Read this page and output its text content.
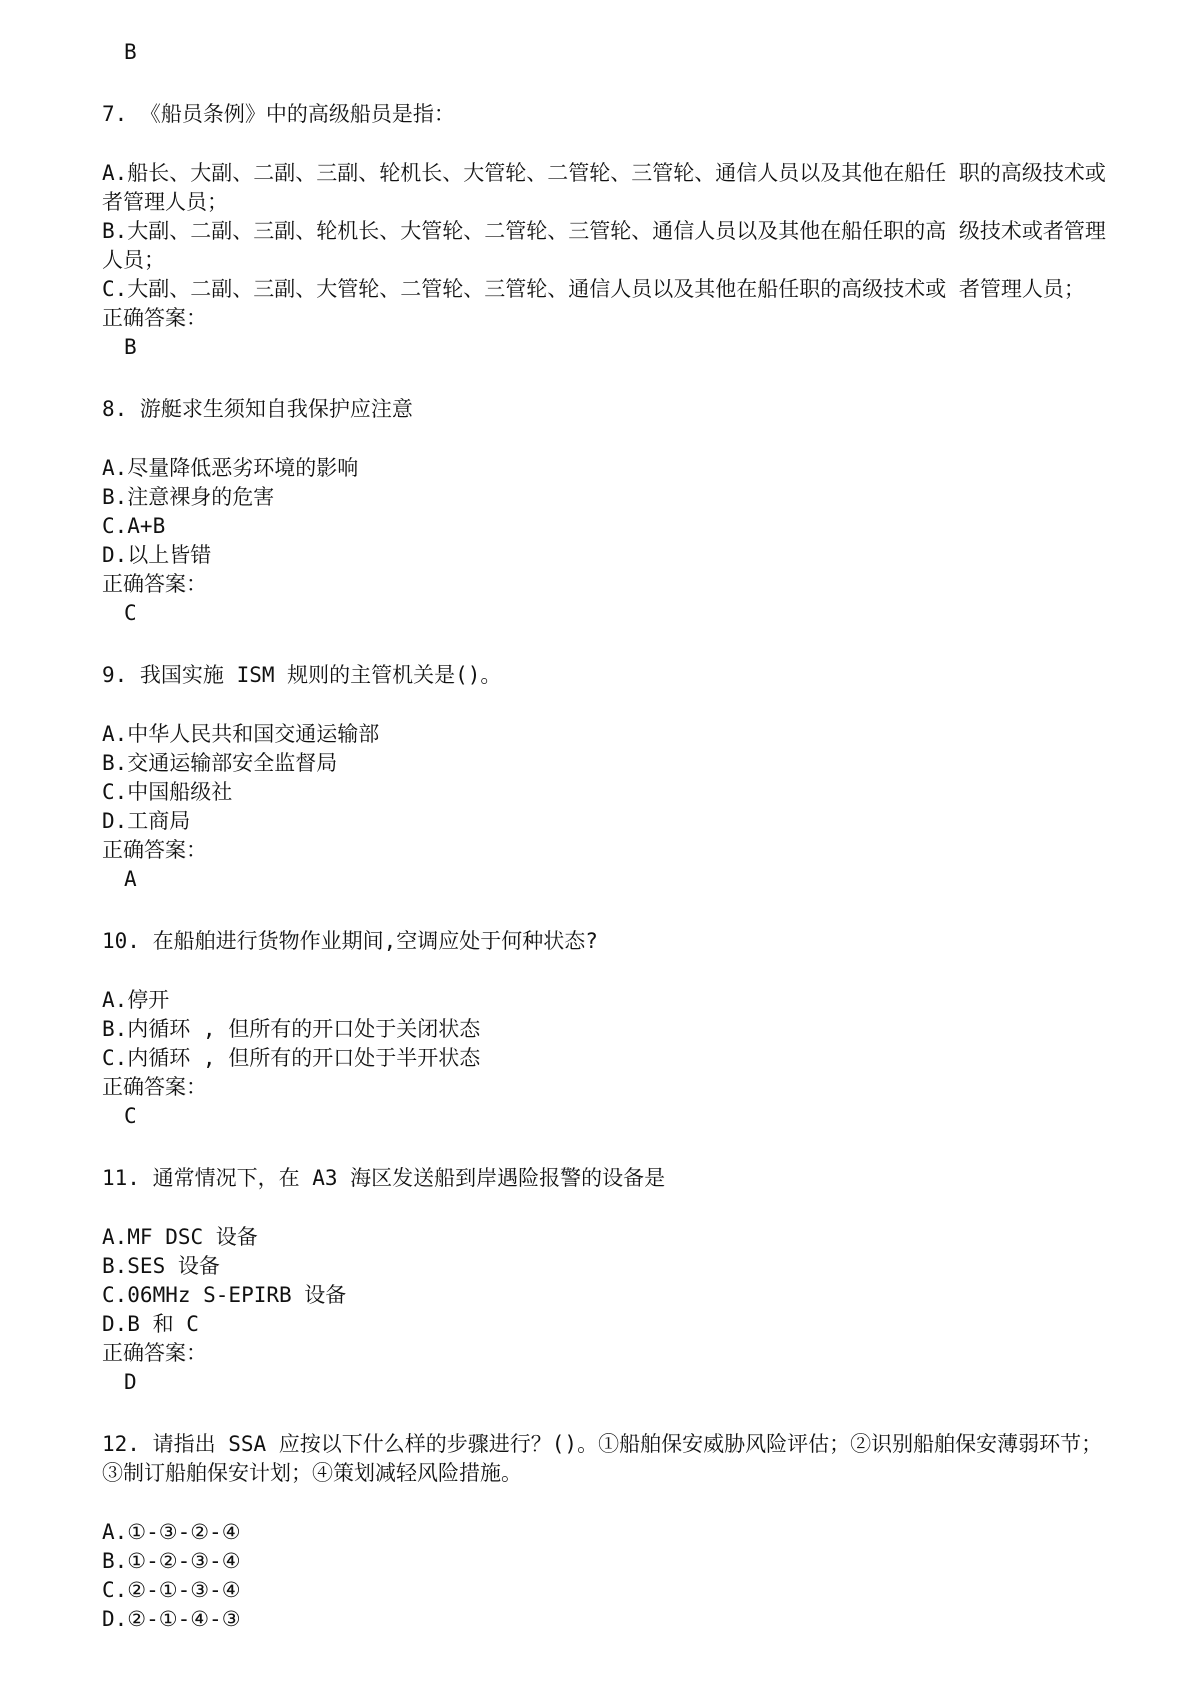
B

7. 《船员条例》中的高级船员是指：

A.船长、大副、二副、三副、轮机长、大管轮、二管轮、三管轮、通信人员以及其他在船任 职的高级技术或者管理人员；

B.大副、二副、三副、轮机长、大管轮、二管轮、三管轮、通信人员以及其他在船任职的高 级技术或者管理人员；

C.大副、二副、三副、大管轮、二管轮、三管轮、通信人员以及其他在船任职的高级技术或 者管理人员；

正确答案：

B

8. 游艇求生须知自我保护应注意

A.尽量降低恶劣环境的影响

B.注意裸身的危害

C.A+B

D.以上皆错

正确答案：

C

9. 我国实施 ISM 规则的主管机关是()。

A.中华人民共和国交通运输部

B.交通运输部安全监督局

C.中国船级社

D.工商局

正确答案：

A

10. 在船舶进行货物作业期间,空调应处于何种状态?

A.停开

B.内循环 , 但所有的开口处于关闭状态

C.内循环 , 但所有的开口处于半开状态

正确答案：

C

11. 通常情况下，在 A3 海区发送船到岸遇险报警的设备是

A.MF DSC 设备

B.SES 设备

C.06MHz S-EPIRB 设备

D.B 和 C

正确答案：

D

12. 请指出 SSA 应按以下什么样的步骤进行？()。①船舶保安威胁风险评估；②识别船舶保安薄弱环节；③制订船舶保安计划；④策划减轻风险措施。

A.①-③-②-④

B.①-②-③-④

C.②-①-③-④

D.②-①-④-③
